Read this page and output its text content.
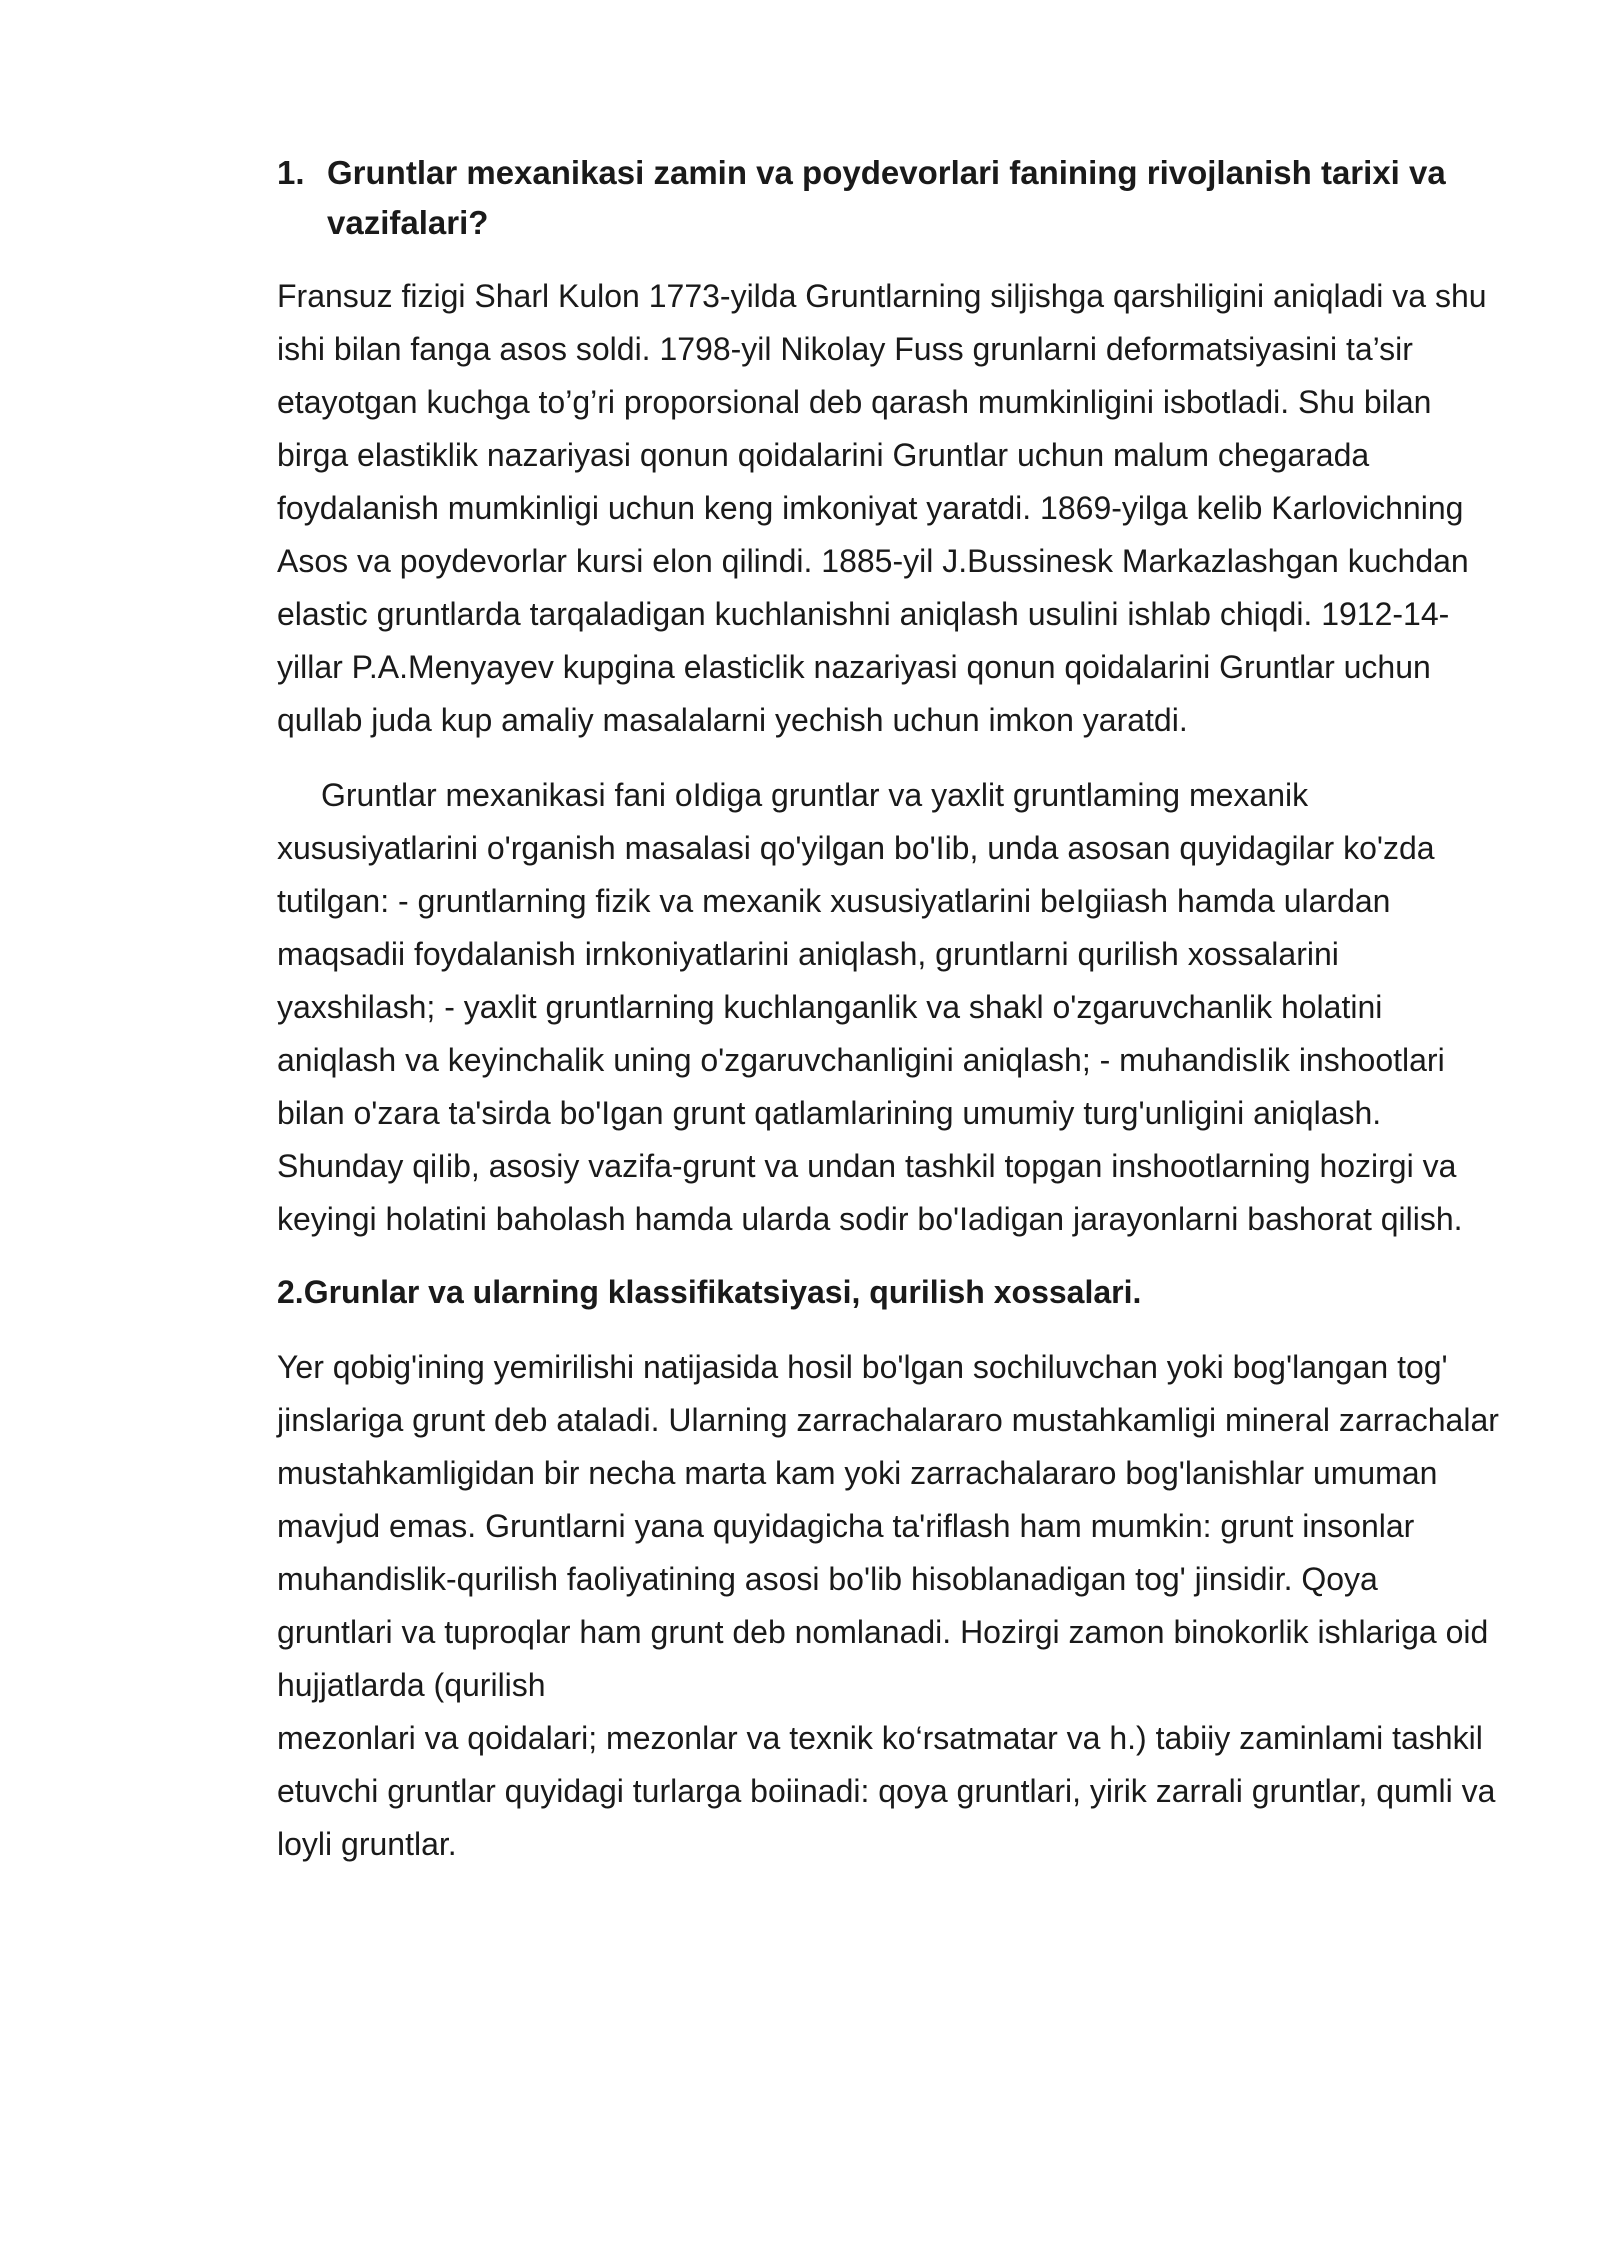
1. Gruntlar mexanikasi zamin va poydevorlari fanining rivojlanish tarixi va vazifalari?

Fransuz fizigi Sharl Kulon 1773-yilda Gruntlarning siljishga qarshiligini aniqladi va shu ishi bilan fanga asos soldi. 1798-yil Nikolay Fuss grunlarni deformatsiyasini ta’sir etayotgan kuchga to’g’ri proporsional deb qarash mumkinligini isbotladi. Shu bilan birga elastiklik nazariyasi qonun qoidalarini Gruntlar uchun malum chegarada foydalanish mumkinligi uchun keng imkoniyat yaratdi. 1869-yilga kelib Karlovichning Asos va poydevorlar kursi elon qilindi. 1885-yil J.Bussinesk Markazlashgan kuchdan elastic gruntlarda tarqaladigan kuchlanishni aniqlash usulini ishlab chiqdi. 1912-14-yillar P.A.Menyayev kupgina elasticlik nazariyasi qonun qoidalarini Gruntlar uchun qullab juda kup amaliy masalalarni yechish uchun imkon yaratdi.

Gruntlar mexanikasi fani oIdiga gruntlar va yaxlit gruntlaming mexanik xususiyatlarini o'rganish masalasi qo'yilgan bo'Iib, unda asosan quyidagilar ko'zda tutilgan: - gruntlarning fizik va mexanik xususiyatlarini beIgiiash hamda ulardan maqsadii foydalanish irnkoniyatlarini aniqlash, gruntlarni qurilish xossalarini yaxshilash; - yaxlit gruntlarning kuchlanganlik va shakl o'zgaruvchanlik holatini aniqlash va keyinchalik uning o'zgaruvchanligini aniqlash; - muhandisIik inshootlari bilan o'zara ta'sirda bo'Igan grunt qatlamlarining umumiy turg'unligini aniqlash. Shunday qiIib, asosiy vazifa-grunt va undan tashkil topgan inshootlarning hozirgi va keyingi holatini baholash hamda ularda sodir bo'Iadigan jarayonlarni bashorat qilish.

2.Grunlar va ularning klassifikatsiyasi, qurilish xossalari.

Yer qobig'ining yemirilishi natijasida hosil bo'lgan sochiluvchan yoki bog'langan tog' jinslariga grunt deb ataladi. Ularning zarrachalararo mustahkamligi mineral zarrachalar mustahkamligidan bir necha marta kam yoki zarrachalararo bog'lanishlar umuman mavjud emas. Gruntlarni yana quyidagicha ta'riflash ham mumkin: grunt insonlar muhandislik-qurilish faoliyatining asosi bo'lib hisoblanadigan tog' jinsidir. Qoya gruntlari va tuproqlar ham grunt deb nomlanadi. Hozirgi zamon binokorlik ishlariga oid hujjatlarda (qurilish

mezonlari va qoidalari; mezonlar va texnik ko‘rsatmatar va h.) tabiiy zaminlami tashkil etuvchi gruntlar quyidagi turlarga boiinadi: qoya gruntlari, yirik zarrali gruntlar, qumli va loyli gruntlar.
